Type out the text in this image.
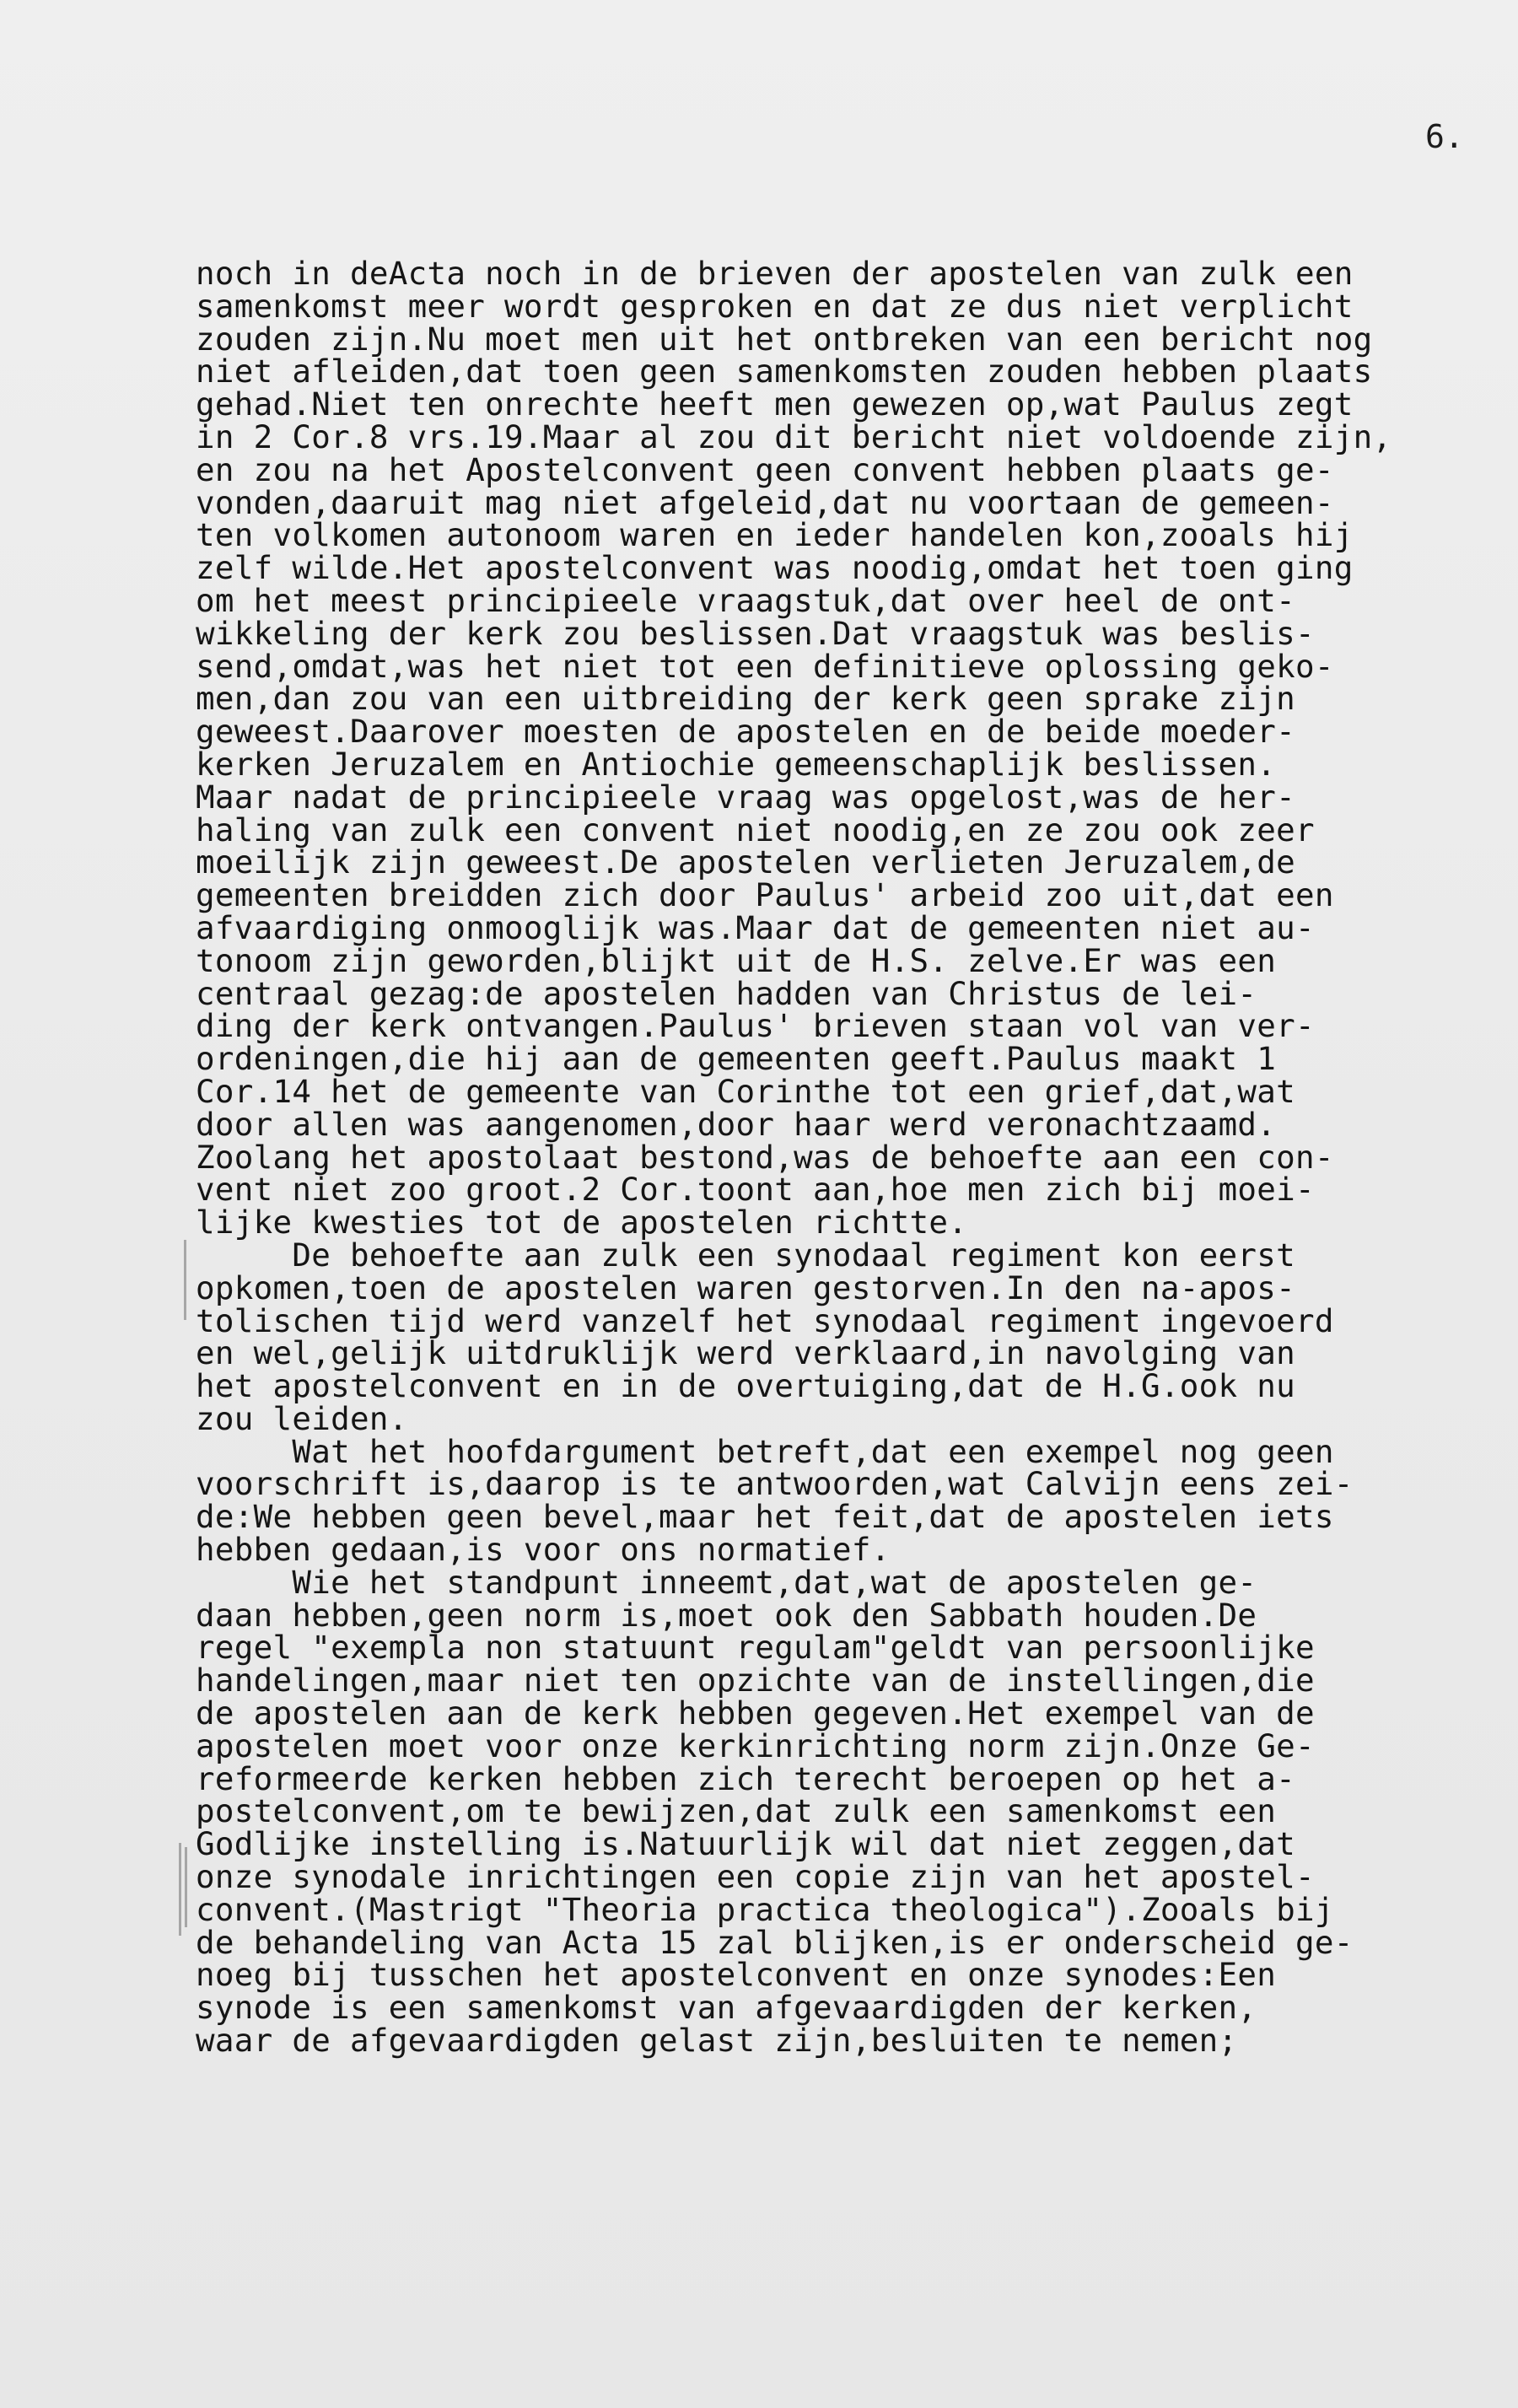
6.
noch in deActa noch in de brieven der apostelen van zulk een
samenkomst meer wordt gesproken en dat ze dus niet verplicht
zouden zijn.Nu moet men uit het ontbreken van een bericht nog
niet afleiden,dat toen geen samenkomsten zouden hebben plaats
gehad.Niet ten onrechte heeft men gewezen op,wat Paulus zegt
in 2 Cor.8 vrs.19.Maar al zou dit bericht niet voldoende zijn,
en zou na het Apostelconvent geen convent hebben plaats ge-
vonden,daaruit mag niet afgeleid,dat nu voortaan de gemeen-
ten volkomen autonoom waren en ieder handelen kon,zooals hij
zelf wilde.Het apostelconvent was noodig,omdat het toen ging
om het meest principieele vraagstuk,dat over heel de ont-
wikkeling der kerk zou beslissen.Dat vraagstuk was beslis-
send,omdat,was het niet tot een definitieve oplossing geko-
men,dan zou van een uitbreiding der kerk geen sprake zijn
geweest.Daarover moesten de apostelen en de beide moeder-
kerken Jeruzalem en Antiochie gemeenschaplijk beslissen.
Maar nadat de principieele vraag was opgelost,was de her-
haling van zulk een convent niet noodig,en ze zou ook zeer
moeilijk zijn geweest.De apostelen verlieten Jeruzalem,de
gemeenten breidden zich door Paulus' arbeid zoo uit,dat een
afvaardiging onmooglijk was.Maar dat de gemeenten niet au-
tonoom zijn geworden,blijkt uit de H.S. zelve.Er was een
centraal gezag:de apostelen hadden van Christus de lei-
ding der kerk ontvangen.Paulus' brieven staan vol van ver-
ordeningen,die hij aan de gemeenten geeft.Paulus maakt 1
Cor.14 het de gemeente van Corinthe tot een grief,dat,wat
door allen was aangenomen,door haar werd veronachtzaamd.
Zoolang het apostolaat bestond,was de behoefte aan een con-
vent niet zoo groot.2 Cor.toont aan,hoe men zich bij moei-
lijke kwesties tot de apostelen richtte.
De behoefte aan zulk een synodaal regiment kon eerst
opkomen,toen de apostelen waren gestorven.In den na-apos-
tolischen tijd werd vanzelf het synodaal regiment ingevoerd
en wel,gelijk uitdruklijk werd verklaard,in navolging van
het apostelconvent en in de overtuiging,dat de H.G.ook nu
zou leiden.
Wat het hoofdargument betreft,dat een exempel nog geen
voorschrift is,daarop is te antwoorden,wat Calvijn eens zei-
de:We hebben geen bevel,maar het feit,dat de apostelen iets
hebben gedaan,is voor ons normatief.
Wie het standpunt inneemt,dat,wat de apostelen ge-
daan hebben,geen norm is,moet ook den Sabbath houden.De
regel "exempla non statuunt regulam"geldt van persoonlijke
handelingen,maar niet ten opzichte van de instellingen,die
de apostelen aan de kerk hebben gegeven.Het exempel van de
apostelen moet voor onze kerkinrichting norm zijn.Onze Ge-
reformeerde kerken hebben zich terecht beroepen op het a-
postelconvent,om te bewijzen,dat zulk een samenkomst een
Godlijke instelling is.Natuurlijk wil dat niet zeggen,dat
onze synodale inrichtingen een copie zijn van het apostel-
convent.(Mastrigt "Theoria practica theologica").Zooals bij
de behandeling van Acta 15 zal blijken,is er onderscheid ge-
noeg bij tusschen het apostelconvent en onze synodes:Een
synode is een samenkomst van afgevaardigden der kerken,
waar de afgevaardigden gelast zijn,besluiten te nemen;
